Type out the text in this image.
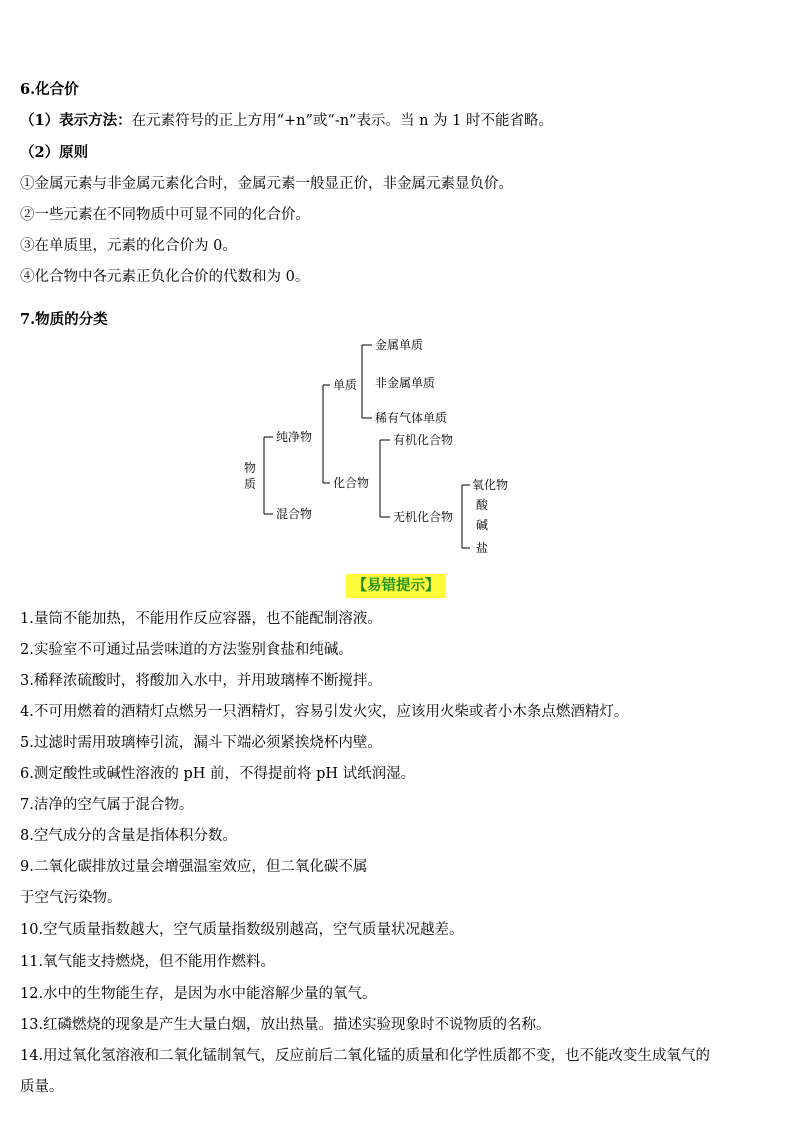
6.化合价
（1）表示方法：在元素符号的正上方用“+n”或“-n”表示。当 n 为 1 时不能省略。
（2）原则
①金属元素与非金属元素化合时，金属元素一般显正价，非金属元素显负价。
②一些元素在不同物质中可显不同的化合价。
③在单质里，元素的化合价为 0。
④化合物中各元素正负化合价的代数和为 0。
7.物质的分类
物
质
纯净物
混合物
单质
化合物
金属单质
非金属单质
稀有气体单质
有机化合物
无机化合物
氧化物
酸
碱
盐
【易错提示】
1.量筒不能加热，不能用作反应容器，也不能配制溶液。
2.实验室不可通过品尝味道的方法鉴别食盐和纯碱。
3.稀释浓硫酸时，将酸加入水中，并用玻璃棒不断搅拌。
4.不可用燃着的酒精灯点燃另一只酒精灯，容易引发火灾，应该用火柴或者小木条点燃酒精灯。
5.过滤时需用玻璃棒引流，漏斗下端必须紧挨烧杯内壁。
6.测定酸性或碱性溶液的 pH 前，不得提前将 pH 试纸润湿。
7.洁净的空气属于混合物。
8.空气成分的含量是指体积分数。
9.二氧化碳排放过量会增强温室效应，但二氧化碳不属
于空气污染物。
10.空气质量指数越大，空气质量指数级别越高，空气质量状况越差。
11.氧气能支持燃烧，但不能用作燃料。
12.水中的生物能生存，是因为水中能溶解少量的氧气。
13.红磷燃烧的现象是产生大量白烟，放出热量。描述实验现象时不说物质的名称。
14.用过氧化氢溶液和二氧化锰制氧气，反应前后二氧化锰的质量和化学性质都不变，也不能改变生成氧气的
质量。
